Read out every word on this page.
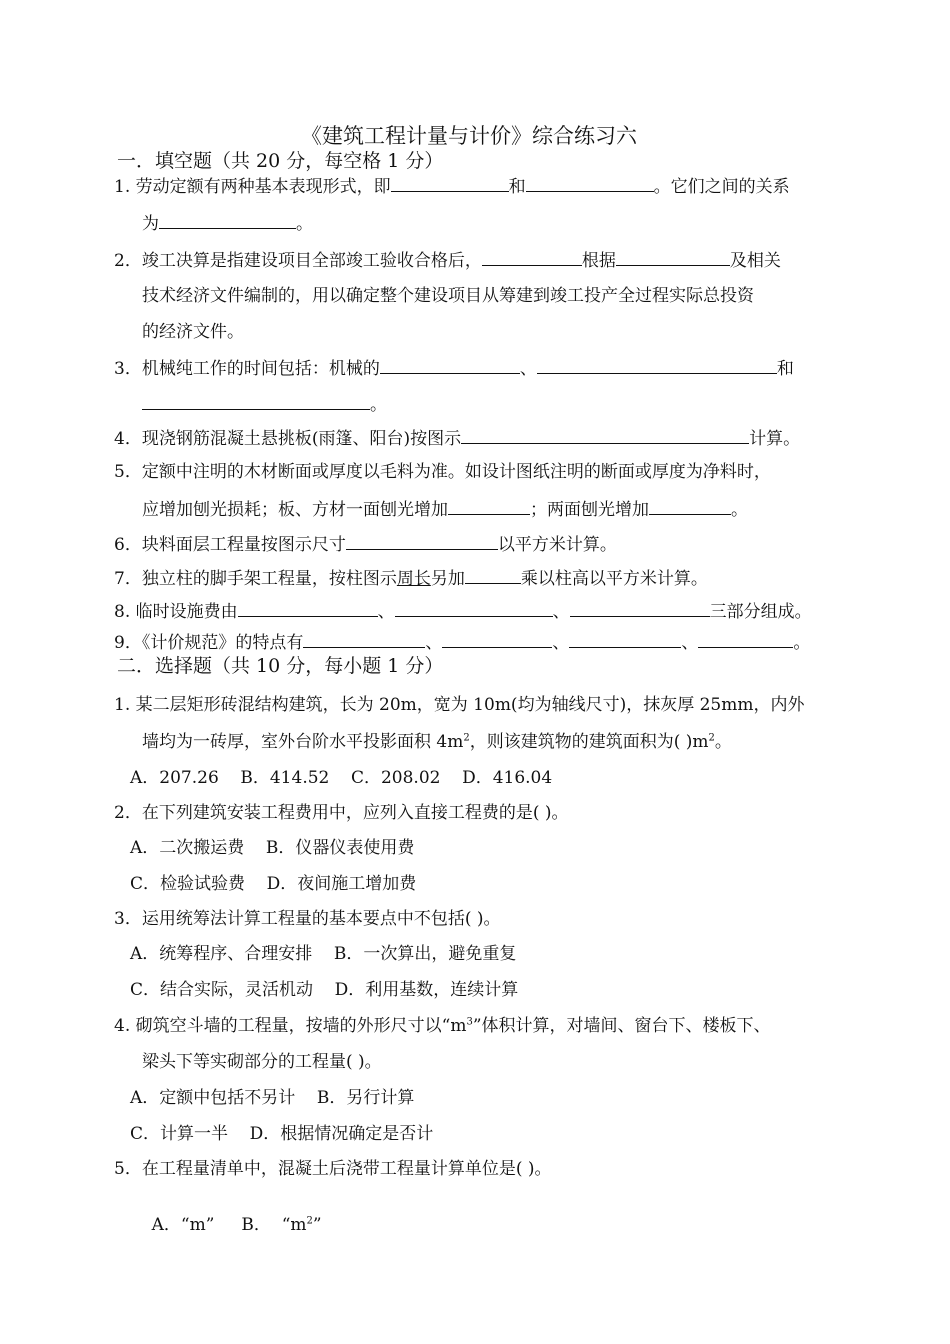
《建筑工程计量与计价》综合练习六
一．填空题（共 20 分，每空格 1 分）
1. 劳动定额有两种基本表现形式，即	和	。它们之间的关系
为	。
2．竣工决算是指建设项目全部竣工验收合格后，	根据	及相关
技术经济文件编制的，用以确定整个建设项目从筹建到竣工投产全过程实际总投资
的经济文件。
3．机械纯工作的时间包括：机械的	、	和
。
4．现浇钢筋混凝土悬挑板(雨篷、阳台)按图示	计算。
5．定额中注明的木材断面或厚度以毛料为准。如设计图纸注明的断面或厚度为净料时，
应增加刨光损耗；板、方材一面刨光增加	；两面刨光增加	。
6．块料面层工程量按图示尺寸	以平方米计算。
7．独立柱的脚手架工程量，按柱图示周长另加	乘以柱高以平方米计算。
8. 临时设施费由	、	、	三部分组成。
9．《计价规范》的特点有	、	、	、	。
二．选择题（共 10 分，每小题 1 分）
1. 某二层矩形砖混结构建筑，长为 20m，宽为 10m(均为轴线尺寸)，抹灰厚 25mm，内外
墙均为一砖厚，室外台阶水平投影面积 $4m^2$，则该建筑物的建筑面积为( )$m^2$。
A．207.26    B．414.52    C．208.02    D．416.04
2．在下列建筑安装工程费用中，应列入直接工程费的是( )。
A．二次搬运费    B．仪器仪表使用费
C．检验试验费    D．夜间施工增加费
3．运用统筹法计算工程量的基本要点中不包括( )。
A．统筹程序、合理安排    B．一次算出，避免重复
C．结合实际，灵活机动    D．利用基数，连续计算
4. 砌筑空斗墙的工程量，按墙的外形尺寸以“$m^3$”体积计算，对墙间、窗台下、楼板下、
梁头下等实砌部分的工程量( )。
A．定额中包括不另计    B．另行计算
C．计算一半    D．根据情况确定是否计
5．在工程量清单中，混凝土后浇带工程量计算单位是( )。

A．“m”     B．  “$m^2$”
